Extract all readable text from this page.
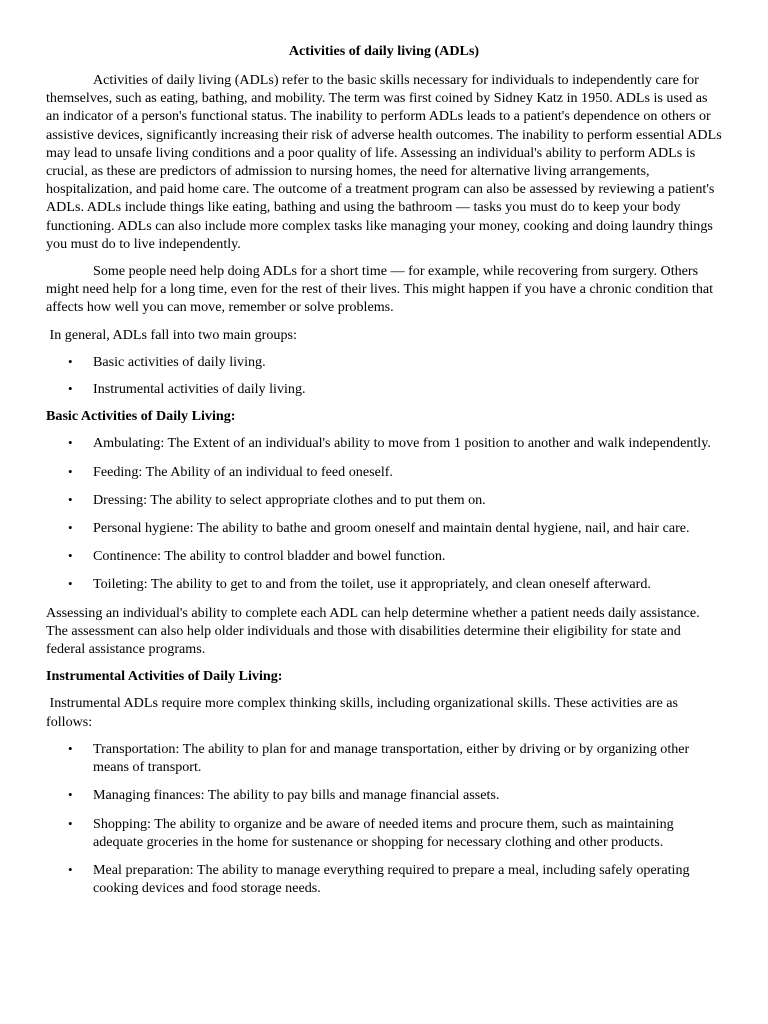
Activities of daily living (ADLs)

Activities of daily living (ADLs) refer to the basic skills necessary for individuals to independently care for themselves, such as eating, bathing, and mobility. The term was first coined by Sidney Katz in 1950. ADLs is used as an indicator of a person's functional status. The inability to perform ADLs leads to a patient's dependence on others or assistive devices, significantly increasing their risk of adverse health outcomes. The inability to perform essential ADLs may lead to unsafe living conditions and a poor quality of life. Assessing an individual's ability to perform ADLs is crucial, as these are predictors of admission to nursing homes, the need for alternative living arrangements, hospitalization, and paid home care. The outcome of a treatment program can also be assessed by reviewing a patient's ADLs. ADLs include things like eating, bathing and using the bathroom — tasks you must do to keep your body functioning. ADLs can also include more complex tasks like managing your money, cooking and doing laundry things you must do to live independently.

Some people need help doing ADLs for a short time — for example, while recovering from surgery. Others might need help for a long time, even for the rest of their lives. This might happen if you have a chronic condition that affects how well you can move, remember or solve problems.

In general, ADLs fall into two main groups:

• Basic activities of daily living.
• Instrumental activities of daily living.
Basic Activities of Daily Living:
• Ambulating: The Extent of an individual's ability to move from 1 position to another and walk independently.
• Feeding: The Ability of an individual to feed oneself.
• Dressing: The ability to select appropriate clothes and to put them on.
• Personal hygiene: The ability to bathe and groom oneself and maintain dental hygiene, nail, and hair care.
• Continence: The ability to control bladder and bowel function.
• Toileting: The ability to get to and from the toilet, use it appropriately, and clean oneself afterward.

Assessing an individual's ability to complete each ADL can help determine whether a patient needs daily assistance. The assessment can also help older individuals and those with disabilities determine their eligibility for state and federal assistance programs.

Instrumental Activities of Daily Living:

Instrumental ADLs require more complex thinking skills, including organizational skills. These activities are as follows:

• Transportation: The ability to plan for and manage transportation, either by driving or by organizing other means of transport.
• Managing finances: The ability to pay bills and manage financial assets.
• Shopping: The ability to organize and be aware of needed items and procure them, such as maintaining adequate groceries in the home for sustenance or shopping for necessary clothing and other products.
• Meal preparation: The ability to manage everything required to prepare a meal, including safely operating cooking devices and food storage needs.
